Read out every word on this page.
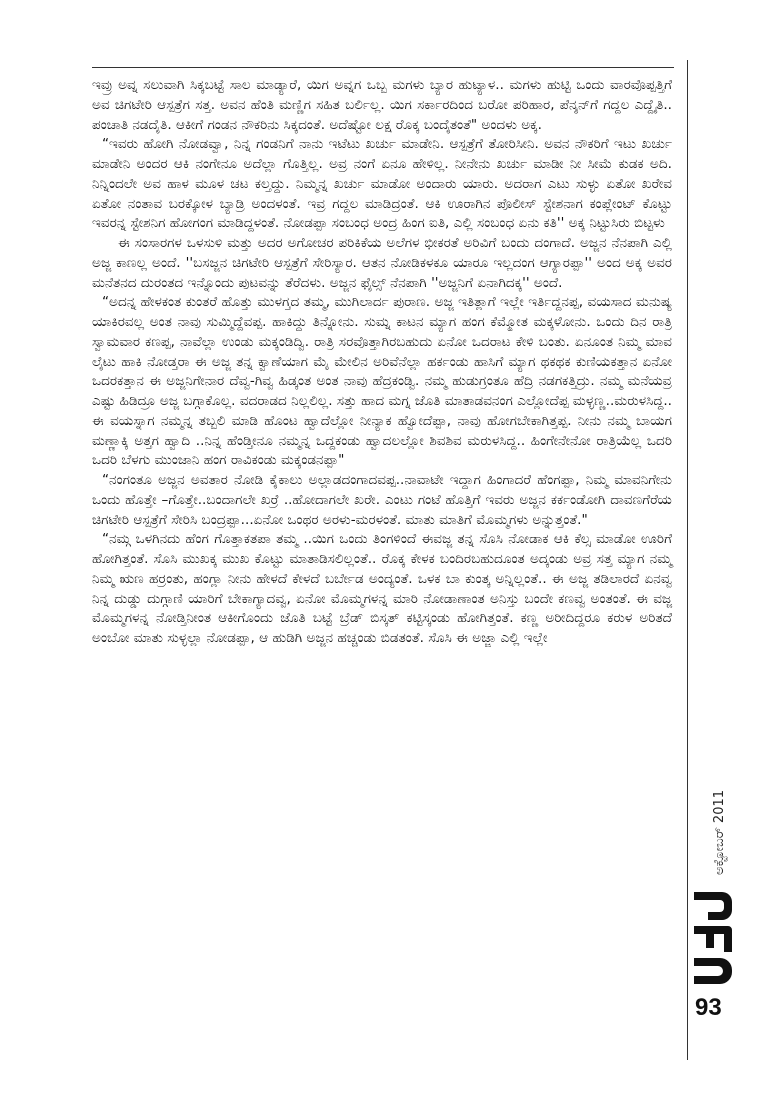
ಇವ್ರು ಅವ್ನ ಸಲುವಾಗಿ ಸಿಕ್ಕಬಟ್ಟೆ ಸಾಲ ಮಾಡ್ಯಾರೆ, ಯಿಗ ಅವ್ನಗ ಒಬ್ಬ ಮಗಳು ಬ್ಯಾರ ಹುಟ್ಯಾಳ.. ಮಗಳು ಹುಟ್ಟಿ ಒಂದು ವಾರವೊಪ್ಪತ್ತಿಗೆ ಅವ ಚಿಗಟೇರಿ ಆಸ್ಪತ್ರೆಗ ಸತ್ತ. ಅವನ ಹೆಂತಿ ಮಣ್ಣಿಗ ಸಹಿತ ಬರ್ಲಿಲ್ಲ. ಯಿಗ ಸರ್ಕಾರದಿಂದ ಬರೋ ಪರಿಹಾರ, ಪೆನ್ಶನ್‌ಗೆ ಗದ್ದಲ ಎದ್ದೈತಿ.. ಪಂಚಾತಿ ನಡದೈತಿ. ಆಕೀಗೆ ಗಂಡನ ನೌಕರಿನು ಸಿಕ್ಕದಂತೆ. ಅದೆಷ್ಟೋ ಲಕ್ಷ ರೊಕ್ಕ ಬಂದೈತಂತೆ" ಅಂದಳು ಅಕ್ಕ.

“ಇವರು ಹೋಗಿ ನೋಡವ್ವಾ, ನಿನ್ನ ಗಂಡನಿಗೆ ನಾನು ಇಟೆಟು ಖರ್ಚು ಮಾಡೇನಿ. ಆಸ್ಪತ್ರೆಗೆ ತೋರಿಸೀನಿ. ಅವನ ನೌಕರಿಗೆ ಇಟು ಖರ್ಚು ಮಾಡೇನಿ ಅಂದರ ಆಕಿ ನಂಗೇನೂ ಅದೆಲ್ಲಾ ಗೊತ್ತಿಲ್ಲ. ಅವ್ರ ನಂಗೆ ಏನೂ ಹೇಳಿಲ್ಲ. ನೀನೇನು ಖರ್ಚು ಮಾಡೀ ನೀ ಸೀಮೆ ಕುಡಕ ಅದಿ. ನಿನ್ನಿಂದಲೇ ಅವ ಹಾಳ ಮೂಳ ಚಟ ಕಲ್ತದ್ದು. ನಿಮ್ಮನ್ನ ಖರ್ಚು ಮಾಡೋ ಅಂದಾರು ಯಾರು. ಅದರಾಗ ಎಟು ಸುಳ್ಳು ಏತೋ ಖರೇವ ಏತೋ ನಂತಾವ ಬರಕ್ಕೋಳ ಬ್ಯಾಡ್ರಿ ಅಂದಳಂತೆ. ಇವ್ರ ಗದ್ದಲ ಮಾಡಿದ್ರಂತೆ. ಆಕಿ ಊರಾಗಿನ ಪೊಲೀಸ್ ಸ್ಟೇಶನಾಗ ಕಂಪ್ಲೇಂಟ್ ಕೊಟ್ಟು ಇವರನ್ನ ಸ್ಟೇಶನಿಗ ಹೋಗಂಗ ಮಾಡಿದ್ದಳಂತೆ. ನೋಡಪ್ಪಾ ಸಂಬಂಧ ಅಂದ್ರ ಹಿಂಗ ಐತಿ, ಎಲ್ಲಿ ಸಂಬಂಧ ಏನು ಕತಿ'' ಅಕ್ಕ ನಿಟ್ಟುಸಿರು ಬಿಟ್ಟಳು

ಈ ಸಂಸಾರಗಳ ಒಳಸುಳಿ ಮತ್ತು ಅದರ ಅಗೋಚರ ಪರಿಕಿಕೆಯ ಅಲೆಗಳ ಭೀಕರತೆ ಅರಿವಿಗೆ ಬಂದು ದಂಗಾದೆ. ಅಜ್ಜನ ನೆನಪಾಗಿ ಎಲ್ಲಿ ಅಜ್ಜ ಕಾಣಲ್ಲ ಅಂದೆ. ''ಬಸಜ್ಜನ ಚಿಗಟೇರಿ ಆಸ್ಪತ್ರೆಗೆ ಸೇರಿಸ್ಯಾರ. ಆತನ ನೋಡಿಕಳಕೂ ಯಾರೂ ಇಲ್ಲದಂಗ ಆಗ್ಯಾರಪ್ಪಾ'' ಅಂದ ಅಕ್ಕ ಅವರ ಮನೆತನದ ದುರಂತದ ಇನ್ನೊಂದು ಪುಟವನ್ನು ತೆರೆದಳು. ಅಜ್ಜನ ಫೈಲ್ಸ್ ನೆನಪಾಗಿ ''ಅಜ್ಜನಿಗೆ ಏನಾಗಿದಕ್ಕ'' ಅಂದೆ.

“ಅದನ್ನ ಹೇಳಕಂತ ಕುಂತರೆ ಹೊತ್ತು ಮುಳಗ್ತದ ತಮ್ಮ, ಮುಗಿಲಾರ್ದ ಪುರಾಣ. ಅಜ್ಜ ಇತಿತ್ಲಾಗೆ ಇಲ್ಲೇ ಇರ್ತಿದ್ದನಪ್ಪ, ವಯಸಾದ ಮನುಷ್ಯ ಯಾಕಿರವಲ್ಲ ಅಂತ ನಾವು ಸುಮ್ಮಿದ್ದೆವಪ್ಪ. ಹಾಕಿದ್ದು ತಿನ್ನೋನು. ಸುಮ್ನ ಕಾಟನ ಮ್ಯಾಗ ಹಂಗ ಕೆಮ್ಮೋತ ಮಕ್ಕಳೋನು. ಒಂದು ದಿನ ರಾತ್ರಿ ಸ್ವಾಮವಾರ ಕಣಪ್ಪ, ನಾವೆಲ್ಲಾ ಉಂಡು ಮಕ್ಕಂಡಿದ್ವಿ. ರಾತ್ರಿ ಸರವೊತ್ತಾಗಿರಬಹುದು ಏನೋ ಒದರಾಟ ಕೇಳಿ ಬಂತು. ಏನೂಂತ ನಿಮ್ಮ ಮಾವ ಲೈಟು ಹಾಕಿ ನೋಡ್ತರಾ ಈ ಅಜ್ಜ ತನ್ನ ಕ್ವಾಣೆಯಾಗ ಮೈ ಮೇಲಿನ ಅರಿವೆನೆಲ್ಲಾ ಹರ್ಕಂಡು ಹಾಸಿಗೆ ಮ್ಯಾಗ ಥಕಥಕ ಕುಣಿಯಕತ್ತಾನ ಏನೋ ಒದರಕತ್ತಾನ ಈ ಅಜ್ಜನಿಗೇನಾರ ದೆವ್ವ-ಗಿವ್ವ ಹಿಡ್ಕಂತ ಅಂತ ನಾವು ಹೆದ್ರಕಂಡ್ವಿ. ನಮ್ಮ ಹುಡುಗ್ರಂತೂ ಹೆದ್ರಿ ನಡಗಕತ್ತಿದ್ರು. ನಮ್ಮ ಮನೆಯವ್ರ ಎಷ್ಟು ಹಿಡಿದ್ರೂ ಅಜ್ಜ ಬಗ್ಗಾಕೊಲ್ಲ. ವದರಾಡದ ನಿಲ್ಲಲಿಲ್ಲ. ಸತ್ತು ಹಾದ ಮಗ್ನ ಜೊತಿ ಮಾತಾಡವನಂಗ ಎಲ್ಲೋದೆಪ್ಪ ಮಳ್ಳಣ್ಣ..ಮರುಳಸಿದ್ದ.. ಈ ವಯಸ್ನಾಗ ನಮ್ಮನ್ನ ತಬ್ಬಲಿ ಮಾಡಿ ಹೊಂಟ ಹ್ವಾದೆಲ್ಲೋ ನೀನ್ಯಾಕ ಹ್ವೋದೆಪ್ಪಾ, ನಾವು ಹೋಗಬೇಕಾಗಿತ್ತಪ್ಪ. ನೀನು ನಮ್ಮ ಬಾಯಗ ಮಣ್ಣಾಕ್ಕಿ ಅತ್ತಗ ಹ್ವಾದಿ ..ನಿನ್ನ ಹೆಂಡ್ತೀನೂ ನಮ್ಮನ್ನ ಒದ್ದಕಂಡು ಹ್ವಾದಲಲ್ಲೋ ಶಿವಶಿವ ಮರುಳಸಿದ್ದ.. ಹಿಂಗೇನೇನೋ ರಾತ್ರಿಯೆಲ್ಲ ಒದರಿ ಒದರಿ ಬೆಳಗು ಮುಂಜಾನಿ ಹಂಗ ರಾವಿಕಂಡು ಮಕ್ಕಂಡನಪ್ಪಾ"

“ನಂಗಂತೂ ಅಜ್ಜನ ಅವತಾರ ನೋಡಿ ಕೈಕಾಲು ಅಲ್ಲಾಡದಂಗಾದವಪ್ಪ..ನಾವಾಟೇ ಇದ್ದಾಗ ಹಿಂಗಾದರೆ ಹೆಂಗಪ್ಪಾ, ನಿಮ್ಮ ಮಾವನಿಗೇನು ಒಂದು ಹೊತ್ತೇ –ಗೊತ್ತೇ..ಬಂದಾಗಲೇ ಖರ್ರೆ ..ಹೋದಾಗಲೇ ಖರೇ. ಎಂಟು ಗಂಟೆ ಹೊತ್ತಿಗೆ ಇವರು ಅಜ್ಜನ ಕರ್ಕಂಡೋಗಿ ದಾವಣಗೆರೆಯ ಚಿಗಟೇರಿ ಆಸ್ಪತ್ರೆಗೆ ಸೇರಿಸಿ ಬಂದ್ರಪ್ಪಾ...ಏನೋ ಒಂಥರ ಅರಳು-ಮರಳಂತೆ. ಮಾತು ಮಾತಿಗೆ ಮೊಮ್ಮಗಳು ಅನ್ನುತ್ತಂತೆ."

“ನಮ್ಗ ಒಳಗಿನದು ಹೆಂಗ ಗೊತ್ತಾಕತಪಾ ತಮ್ಮ ..ಯಿಗ ಒಂದು ತಿಂಗಳಿಂದೆ ಈವಜ್ಜ ತನ್ನ ಸೊಸಿ ನೋಡಾಕ ಆಕಿ ಕೆಲ್ಸ ಮಾಡೋ ಊರಿಗೆ ಹೋಗಿತ್ತಂತೆ. ಸೊಸಿ ಮುಖಕ್ಕ ಮುಖ ಕೊಟ್ಟು ಮಾತಾಡಿಸಲಿಲ್ಲಂತೆ.. ರೊಕ್ಕ ಕೇಳಕ ಬಂದಿರಬಹುದೂಂತ ಅದ್ಕಂಡು ಅವ್ರ ಸತ್ತ ಮ್ಯಾಗ ನಮ್ಮ ನಿಮ್ಮ ಋಣ ಹರ್ರಂತು, ಹಂಗ್ಲಾ ನೀನು ಹೇಳದೆ ಕೇಳದೆ ಬರ್ಬೇಡ ಅಂದ್ಯಂತೆ. ಒಳಕ ಬಾ ಕುಂತ್ಕ ಅನ್ನಿಲ್ಲಂತೆ.. ಈ ಅಜ್ಜ ತಡಿಲಾರದೆ ಏನವ್ವ ನಿನ್ನ ದುಡ್ಡು ದುಗ್ಗಾಣಿ ಯಾರಿಗೆ ಬೇಕಾಗ್ಯಾದವ್ವ, ಏನೋ ಮೊಮ್ಮಗಳನ್ನ ಮಾರಿ ನೋಡಾಣಾಂತ ಅನಿಸ್ತು ಬಂದೇ ಕಣವ್ವ ಅಂತಂತೆ. ಈ ವಜ್ಜ ಮೊಮ್ಮಗಳನ್ನ ನೋಡ್ತಿನೀಂತ ಆಕೀಗೊಂದು ಜೊತಿ ಬಟ್ಟೆ ಬ್ರೆಡ್ ಬಿಸ್ಕತ್ ಕಟ್ಟಿಸ್ಕಂಡು ಹೋಗಿತ್ತಂತೆ. ಕಣ್ಣ ಅರೀದಿದ್ದರೂ ಕರುಳ ಅರಿತದೆ ಅಂಬೋ ಮಾತು ಸುಳ್ಳಲ್ಲಾ ನೋಡಪ್ಪಾ, ಆ ಹುಡಿಗಿ ಅಜ್ಜನ ಹಚ್ಚಂಡು ಬಿಡತಂತೆ. ಸೊಸಿ ಈ ಅಜ್ಜಾ ಎಲ್ಲಿ ಇಲ್ಲೇ

ಅಕ್ಟೋಬರ್ 2011
93
